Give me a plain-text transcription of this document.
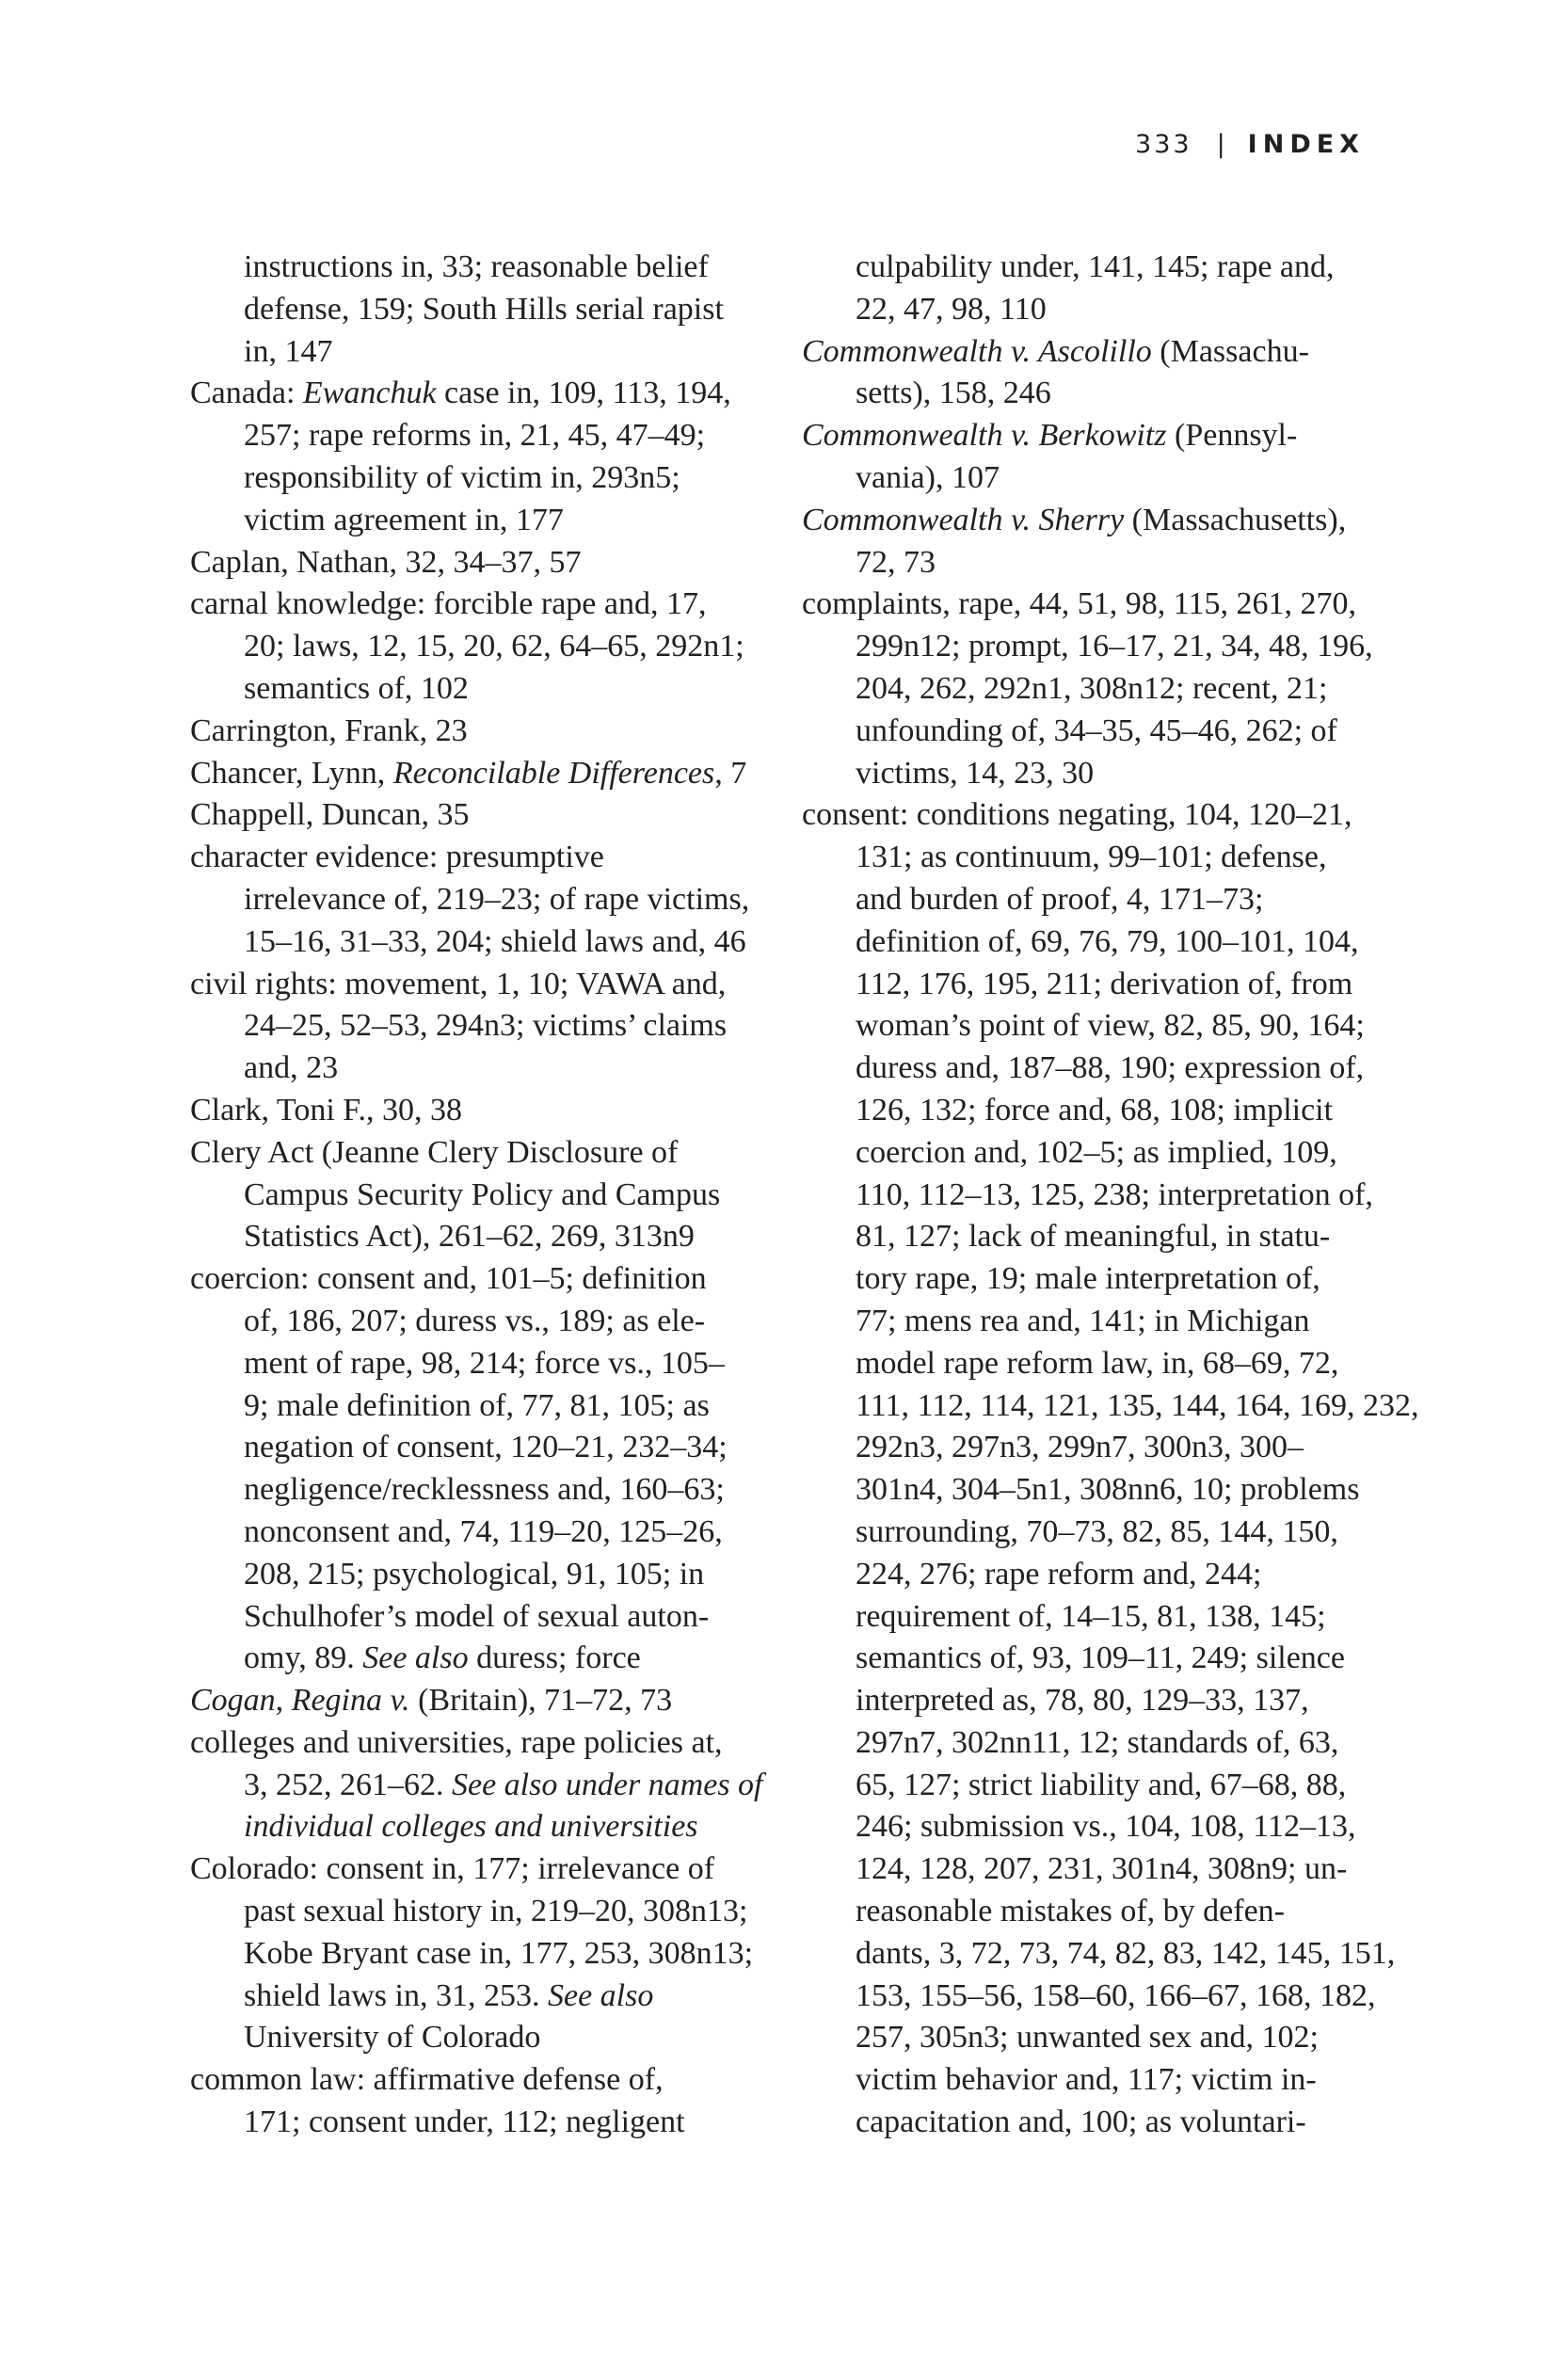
333 | INDEX
instructions in, 33; reasonable belief
defense, 159; South Hills serial rapist
in, 147
Canada: Ewanchuk case in, 109, 113, 194,
257; rape reforms in, 21, 45, 47–49;
responsibility of victim in, 293n5;
victim agreement in, 177
Caplan, Nathan, 32, 34–37, 57
carnal knowledge: forcible rape and, 17,
20; laws, 12, 15, 20, 62, 64–65, 292n1;
semantics of, 102
Carrington, Frank, 23
Chancer, Lynn, Reconcilable Differences, 7
Chappell, Duncan, 35
character evidence: presumptive
irrelevance of, 219–23; of rape victims,
15–16, 31–33, 204; shield laws and, 46
civil rights: movement, 1, 10; VAWA and,
24–25, 52–53, 294n3; victims’ claims
and, 23
Clark, Toni F., 30, 38
Clery Act (Jeanne Clery Disclosure of
Campus Security Policy and Campus
Statistics Act), 261–62, 269, 313n9
coercion: consent and, 101–5; definition
of, 186, 207; duress vs., 189; as ele-
ment of rape, 98, 214; force vs., 105–
9; male definition of, 77, 81, 105; as
negation of consent, 120–21, 232–34;
negligence/recklessness and, 160–63;
nonconsent and, 74, 119–20, 125–26,
208, 215; psychological, 91, 105; in
Schulhofer’s model of sexual auton-
omy, 89. See also duress; force
Cogan, Regina v. (Britain), 71–72, 73
colleges and universities, rape policies at,
3, 252, 261–62. See also under names of
individual colleges and universities
Colorado: consent in, 177; irrelevance of
past sexual history in, 219–20, 308n13;
Kobe Bryant case in, 177, 253, 308n13;
shield laws in, 31, 253. See also
University of Colorado
common law: affirmative defense of,
171; consent under, 112; negligent
culpability under, 141, 145; rape and,
22, 47, 98, 110
Commonwealth v. Ascolillo (Massachu-
setts), 158, 246
Commonwealth v. Berkowitz (Pennsyl-
vania), 107
Commonwealth v. Sherry (Massachusetts),
72, 73
complaints, rape, 44, 51, 98, 115, 261, 270,
299n12; prompt, 16–17, 21, 34, 48, 196,
204, 262, 292n1, 308n12; recent, 21;
unfounding of, 34–35, 45–46, 262; of
victims, 14, 23, 30
consent: conditions negating, 104, 120–21,
131; as continuum, 99–101; defense,
and burden of proof, 4, 171–73;
definition of, 69, 76, 79, 100–101, 104,
112, 176, 195, 211; derivation of, from
woman’s point of view, 82, 85, 90, 164;
duress and, 187–88, 190; expression of,
126, 132; force and, 68, 108; implicit
coercion and, 102–5; as implied, 109,
110, 112–13, 125, 238; interpretation of,
81, 127; lack of meaningful, in statu-
tory rape, 19; male interpretation of,
77; mens rea and, 141; in Michigan
model rape reform law, in, 68–69, 72,
111, 112, 114, 121, 135, 144, 164, 169, 232,
292n3, 297n3, 299n7, 300n3, 300–
301n4, 304–5n1, 308nn6, 10; problems
surrounding, 70–73, 82, 85, 144, 150,
224, 276; rape reform and, 244;
requirement of, 14–15, 81, 138, 145;
semantics of, 93, 109–11, 249; silence
interpreted as, 78, 80, 129–33, 137,
297n7, 302nn11, 12; standards of, 63,
65, 127; strict liability and, 67–68, 88,
246; submission vs., 104, 108, 112–13,
124, 128, 207, 231, 301n4, 308n9; un-
reasonable mistakes of, by defen-
dants, 3, 72, 73, 74, 82, 83, 142, 145, 151,
153, 155–56, 158–60, 166–67, 168, 182,
257, 305n3; unwanted sex and, 102;
victim behavior and, 117; victim in-
capacitation and, 100; as voluntari-
